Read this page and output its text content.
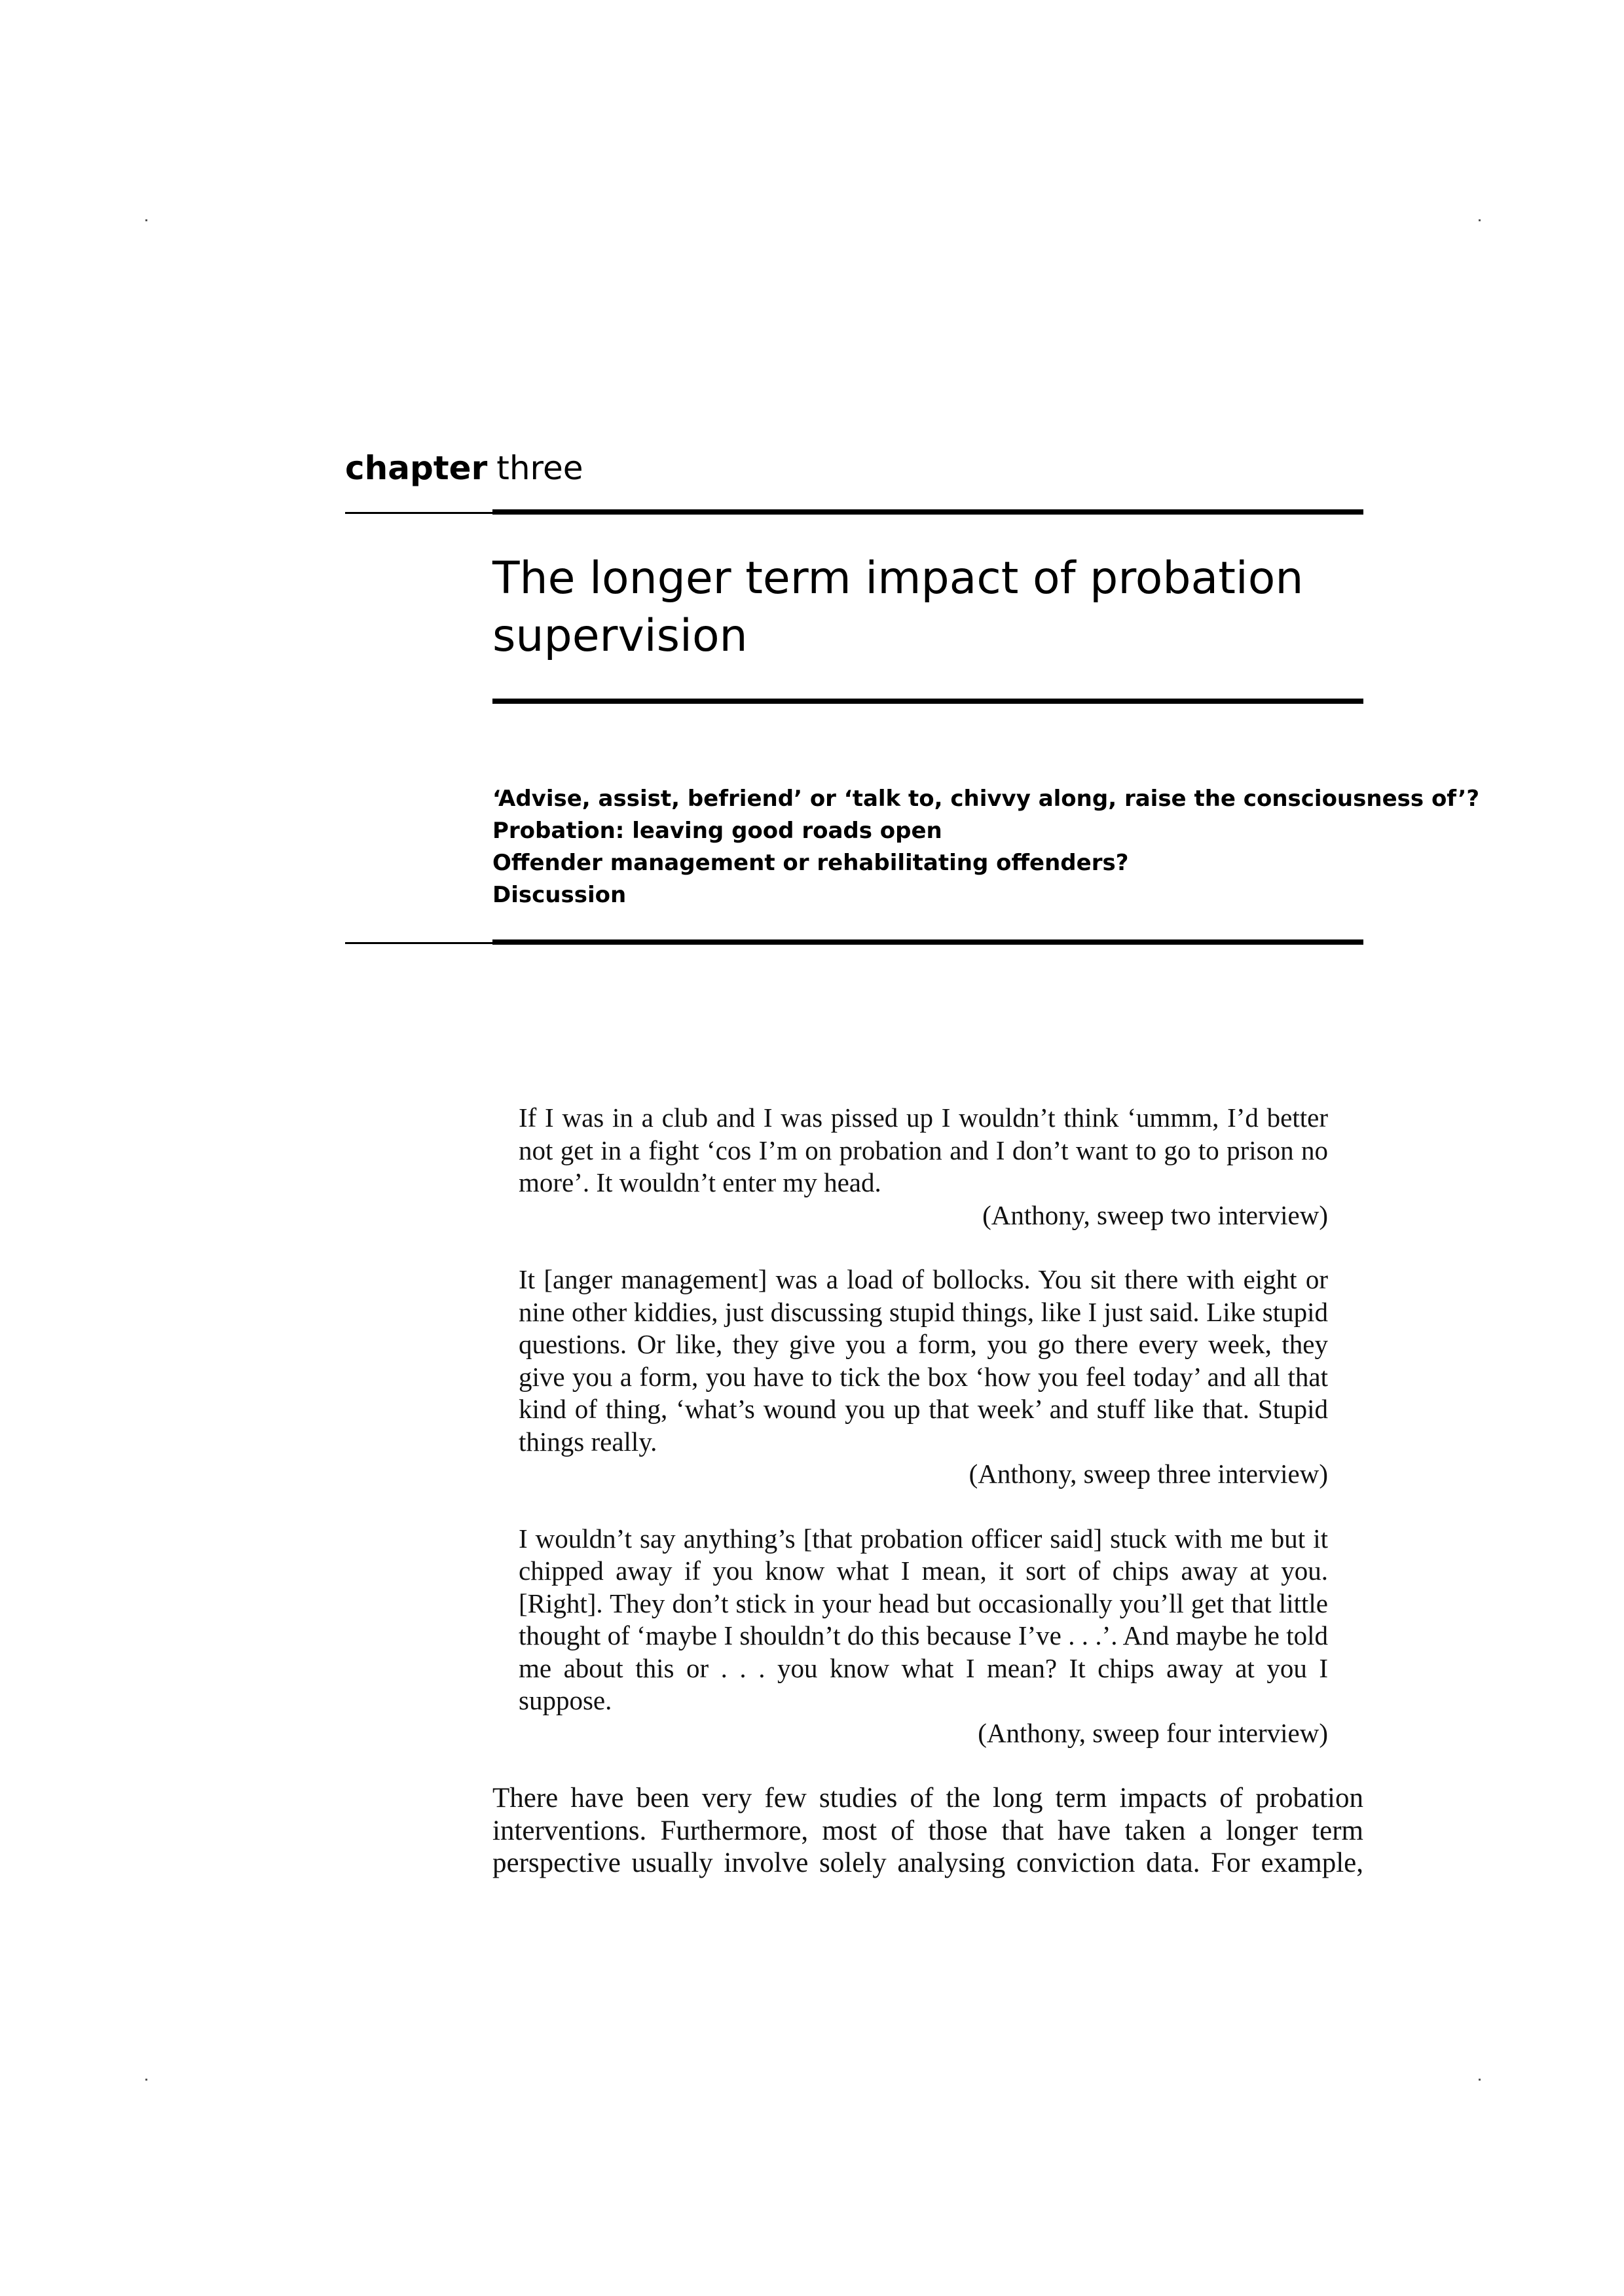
chapter three
The longer term impact of probation supervision
‘Advise, assist, befriend’ or ‘talk to, chivvy along, raise the consciousness of’?
Probation: leaving good roads open
Offender management or rehabilitating offenders?
Discussion

If I was in a club and I was pissed up I wouldn’t think ‘ummm, I’d better not get in a fight ‘cos I’m on probation and I don’t want to go to prison no more’. It wouldn’t enter my head.

(Anthony, sweep two interview)

It [anger management] was a load of bollocks. You sit there with eight or nine other kiddies, just discussing stupid things, like I just said. Like stupid questions. Or like, they give you a form, you go there every week, they give you a form, you have to tick the box ‘how you feel today’ and all that kind of thing, ‘what’s wound you up that week’ and stuff like that. Stupid things really.

(Anthony, sweep three interview)

I wouldn’t say anything’s [that probation officer said] stuck with me but it chipped away if you know what I mean, it sort of chips away at you. [Right]. They don’t stick in your head but occasionally you’ll get that little thought of ‘maybe I shouldn’t do this because I’ve . . .’. And maybe he told me about this or . . . you know what I mean? It chips away at you I suppose.

(Anthony, sweep four interview)

There have been very few studies of the long term impacts of probation interventions. Furthermore, most of those that have taken a longer term perspective usually involve solely analysing conviction data. For example,
